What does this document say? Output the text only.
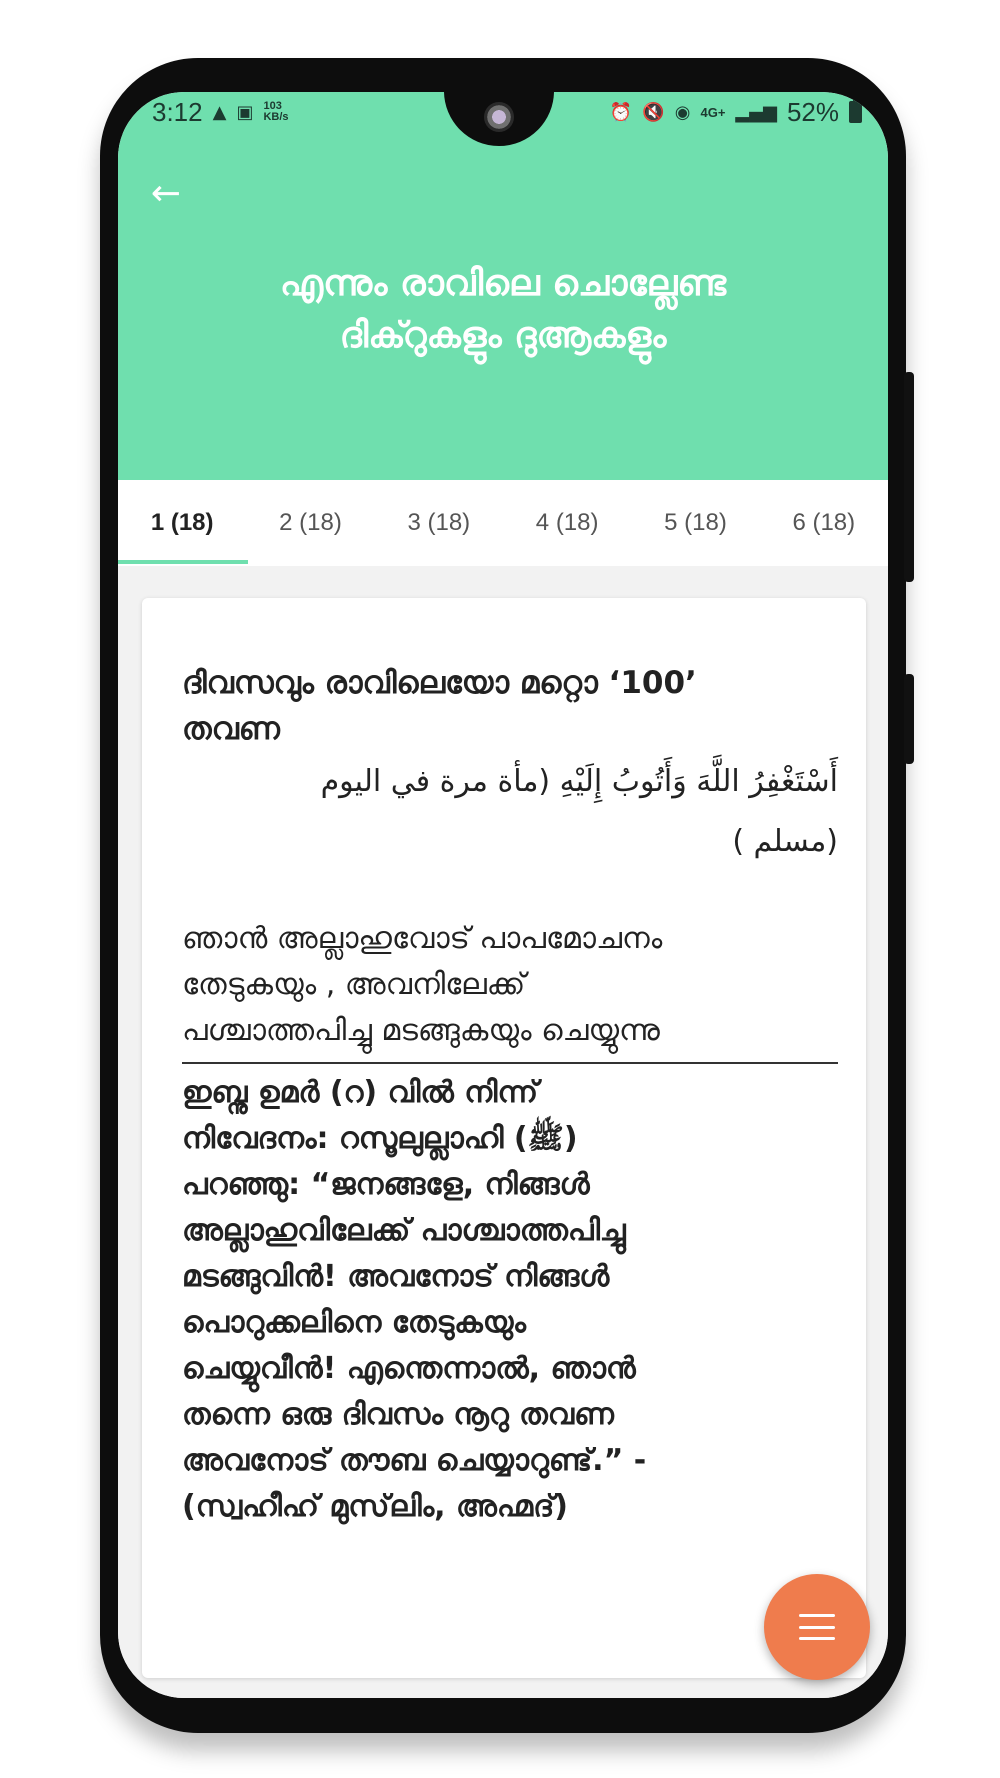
3:12 ▲ ▣ 103
KB/s	⏰ 🔇 ◉ 4G+ ▂▄▆ 52%
←
എന്നും രാവിലെ ചൊല്ലേണ്ട
ദിക്റുകളും ദുആകളും
1 (18)	2 (18)	3 (18)	4 (18)	5 (18)	6 (18)
ദിവസവും രാവിലെയോ മറ്റൊ ‘100’
തവണ
أَسْتَغْفِرُ اللَّهَ وَأَتُوبُ إِلَيْهِ (مأة مرة في اليوم
(مسلم )
ഞാൻ അല്ലാഹുവോട് പാപമോചനം
തേടുകയും , അവനിലേക്ക്
പശ്ചാത്തപിച്ചു മടങ്ങുകയും ചെയ്യുന്നു
ഇബ്നു ഉമർ (റ) വിൽ നിന്ന്
നിവേദനം: റസൂലുല്ലാഹി (ﷺ)
പറഞ്ഞു: “ജനങ്ങളേ, നിങ്ങൾ
അല്ലാഹുവിലേക്ക് പാശ്ചാത്തപിച്ചു
മടങ്ങുവിൻ! അവനോട് നിങ്ങൾ
പൊറുക്കലിനെ തേടുകയും
ചെയ്യുവീൻ! എന്തെന്നാൽ, ഞാൻ
തന്നെ ഒരു ദിവസം നൂറു തവണ
അവനോട് തൗബ ചെയ്യാറുണ്ട്.” -
(സ്വഹീഹ് മുസ്‌ലിം, അഹ്മദ്)
